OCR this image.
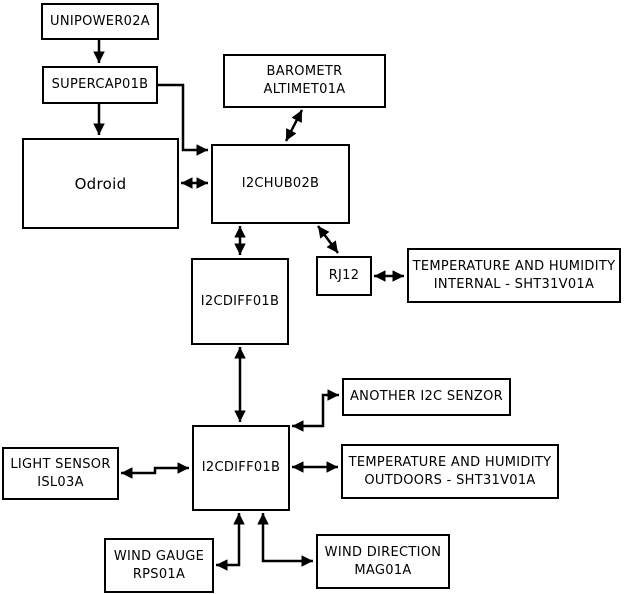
UNIPOWER02A
SUPERCAP01B
Odroid
BAROMETR
ALTIMET01A
I2CHUB02B
RJ12
TEMPERATURE AND HUMIDITY
INTERNAL - SHT31V01A
I2CDIFF01B
ANOTHER I2C SENZOR
I2CDIFF01B
LIGHT SENSOR
ISL03A
TEMPERATURE AND HUMIDITY
OUTDOORS - SHT31V01A
WIND GAUGE
RPS01A
WIND DIRECTION
MAG01A
